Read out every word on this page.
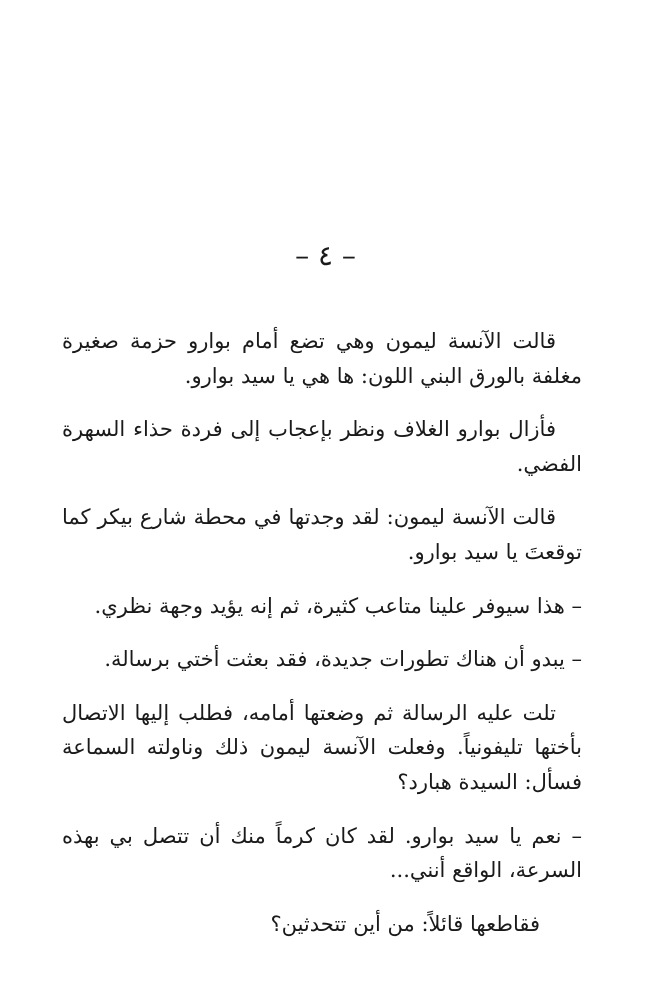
– ٤ –

قالت الآنسة ليمون وهي تضع أمام بوارو حزمة صغيرة مغلفة بالورق البني اللون: ها هي يا سيد بوارو.

فأزال بوارو الغلاف ونظر بإعجاب إلى فردة حذاء السهرة الفضي.

قالت الآنسة ليمون: لقد وجدتها في محطة شارع بيكر كما توقعتَ يا سيد بوارو.

– هذا سيوفر علينا متاعب كثيرة، ثم إنه يؤيد وجهة نظري.

– يبدو أن هناك تطورات جديدة، فقد بعثت أختي برسالة.

تلت عليه الرسالة ثم وضعتها أمامه، فطلب إليها الاتصال بأختها تليفونياً. وفعلت الآنسة ليمون ذلك وناولته السماعة فسأل: السيدة هبارد؟

– نعم يا سيد بوارو. لقد كان كرماً منك أن تتصل بي بهذه السرعة، الواقع أنني...

فقاطعها قائلاً: من أين تتحدثين؟
